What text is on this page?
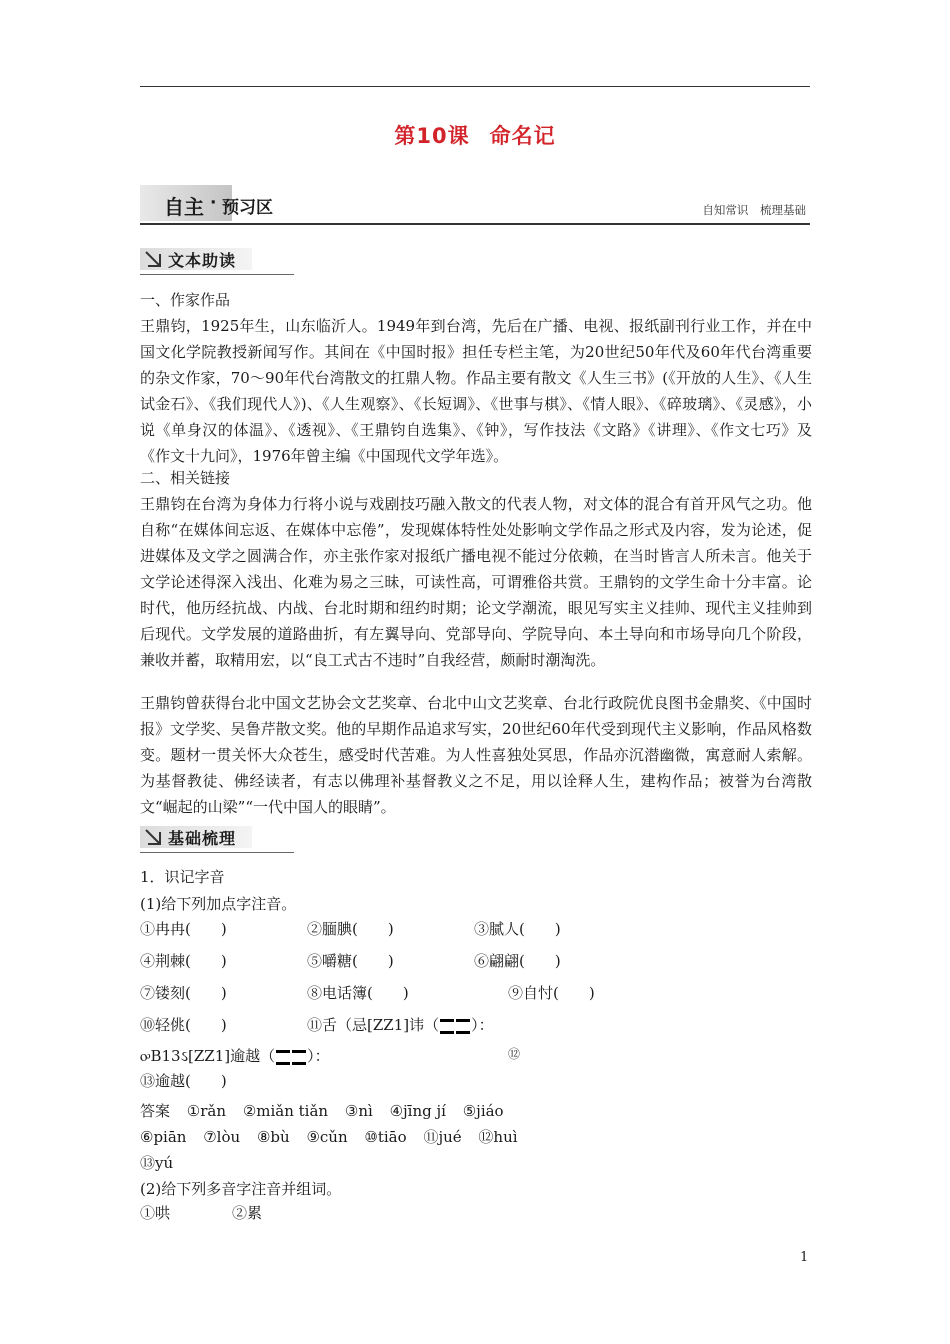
第10课 命名记
自主 · 预习区	自知常识 梳理基础
文本助读
一、作家作品
王鼎钧，1925年生，山东临沂人。1949年到台湾，先后在广播、电视、报纸副刊行业工作，并在中国文化学院教授新闻写作。其间在《中国时报》担任专栏主笔，为20世纪50年代及60年代台湾重要的杂文作家，70～90年代台湾散文的扛鼎人物。作品主要有散文《人生三书》(《开放的人生》、《人生试金石》、《我们现代人》)、《人生观察》、《长短调》、《世事与棋》、《情人眼》、《碎玻璃》、《灵感》，小说《单身汉的体温》、《透视》、《王鼎钧自选集》、《钟》，写作技法《文路》《讲理》、《作文七巧》及《作文十九问》，1976年曾主编《中国现代文学年选》。
二、相关链接
王鼎钧在台湾为身体力行将小说与戏剧技巧融入散文的代表人物，对文体的混合有首开风气之功。他自称“在媒体间忘返、在媒体中忘倦”，发现媒体特性处处影响文学作品之形式及内容，发为论述，促进媒体及文学之圆满合作，亦主张作家对报纸广播电视不能过分依赖，在当时皆言人所未言。他关于文学论述得深入浅出、化难为易之三昧，可读性高，可谓雅俗共赏。王鼎钧的文学生命十分丰富。论时代，他历经抗战、内战、台北时期和纽约时期；论文学潮流，眼见写实主义挂帅、现代主义挂帅到后现代。文学发展的道路曲折，有左翼导向、党部导向、学院导向、本土导向和市场导向几个阶段，兼收并蓄，取精用宏，以“良工式古不违时”自我经营，颇耐时潮淘洗。
王鼎钧曾获得台北中国文艺协会文艺奖章、台北中山文艺奖章、台北行政院优良图书金鼎奖、《中国时报》文学奖、吴鲁芹散文奖。他的早期作品追求写实，20世纪60年代受到现代主义影响，作品风格数变。题材一贯关怀大众苍生，感受时代苦难。为人性喜独处冥思，作品亦沉潜幽微，寓意耐人索解。为基督教徒、佛经读者，有志以佛理补基督教义之不足，用以诠释人生，建构作品；被誉为台湾散文“崛起的山梁”“一代中国人的眼睛”。
基础梳理
1．识记字音
(1)给下列加点字注音。
①冉冉(　　)	②腼腆(　　)	③腻人(　　)
④荆棘(　　)	⑤嚼糖(　　)	⑥翩翩(　　)
⑦镂刻(　　)	⑧电话簿(　　)	⑨自忖(　　)
⑩轻佻(　　)	⑪舌（忌[ZZ1]讳（ ）：
ꭴB13ઽ[ZZ1]逾越（ ）：	⑫
⑬逾越(　　)
答案 ①rǎn ②miǎn tiǎn ③nì ④jīng jí ⑤jiáo
⑥piān ⑦lòu ⑧bù ⑨cǔn ⑩tiāo ⑪jué ⑫huì
⑬yú
(2)给下列多音字注音并组词。
①哄	②累
1
